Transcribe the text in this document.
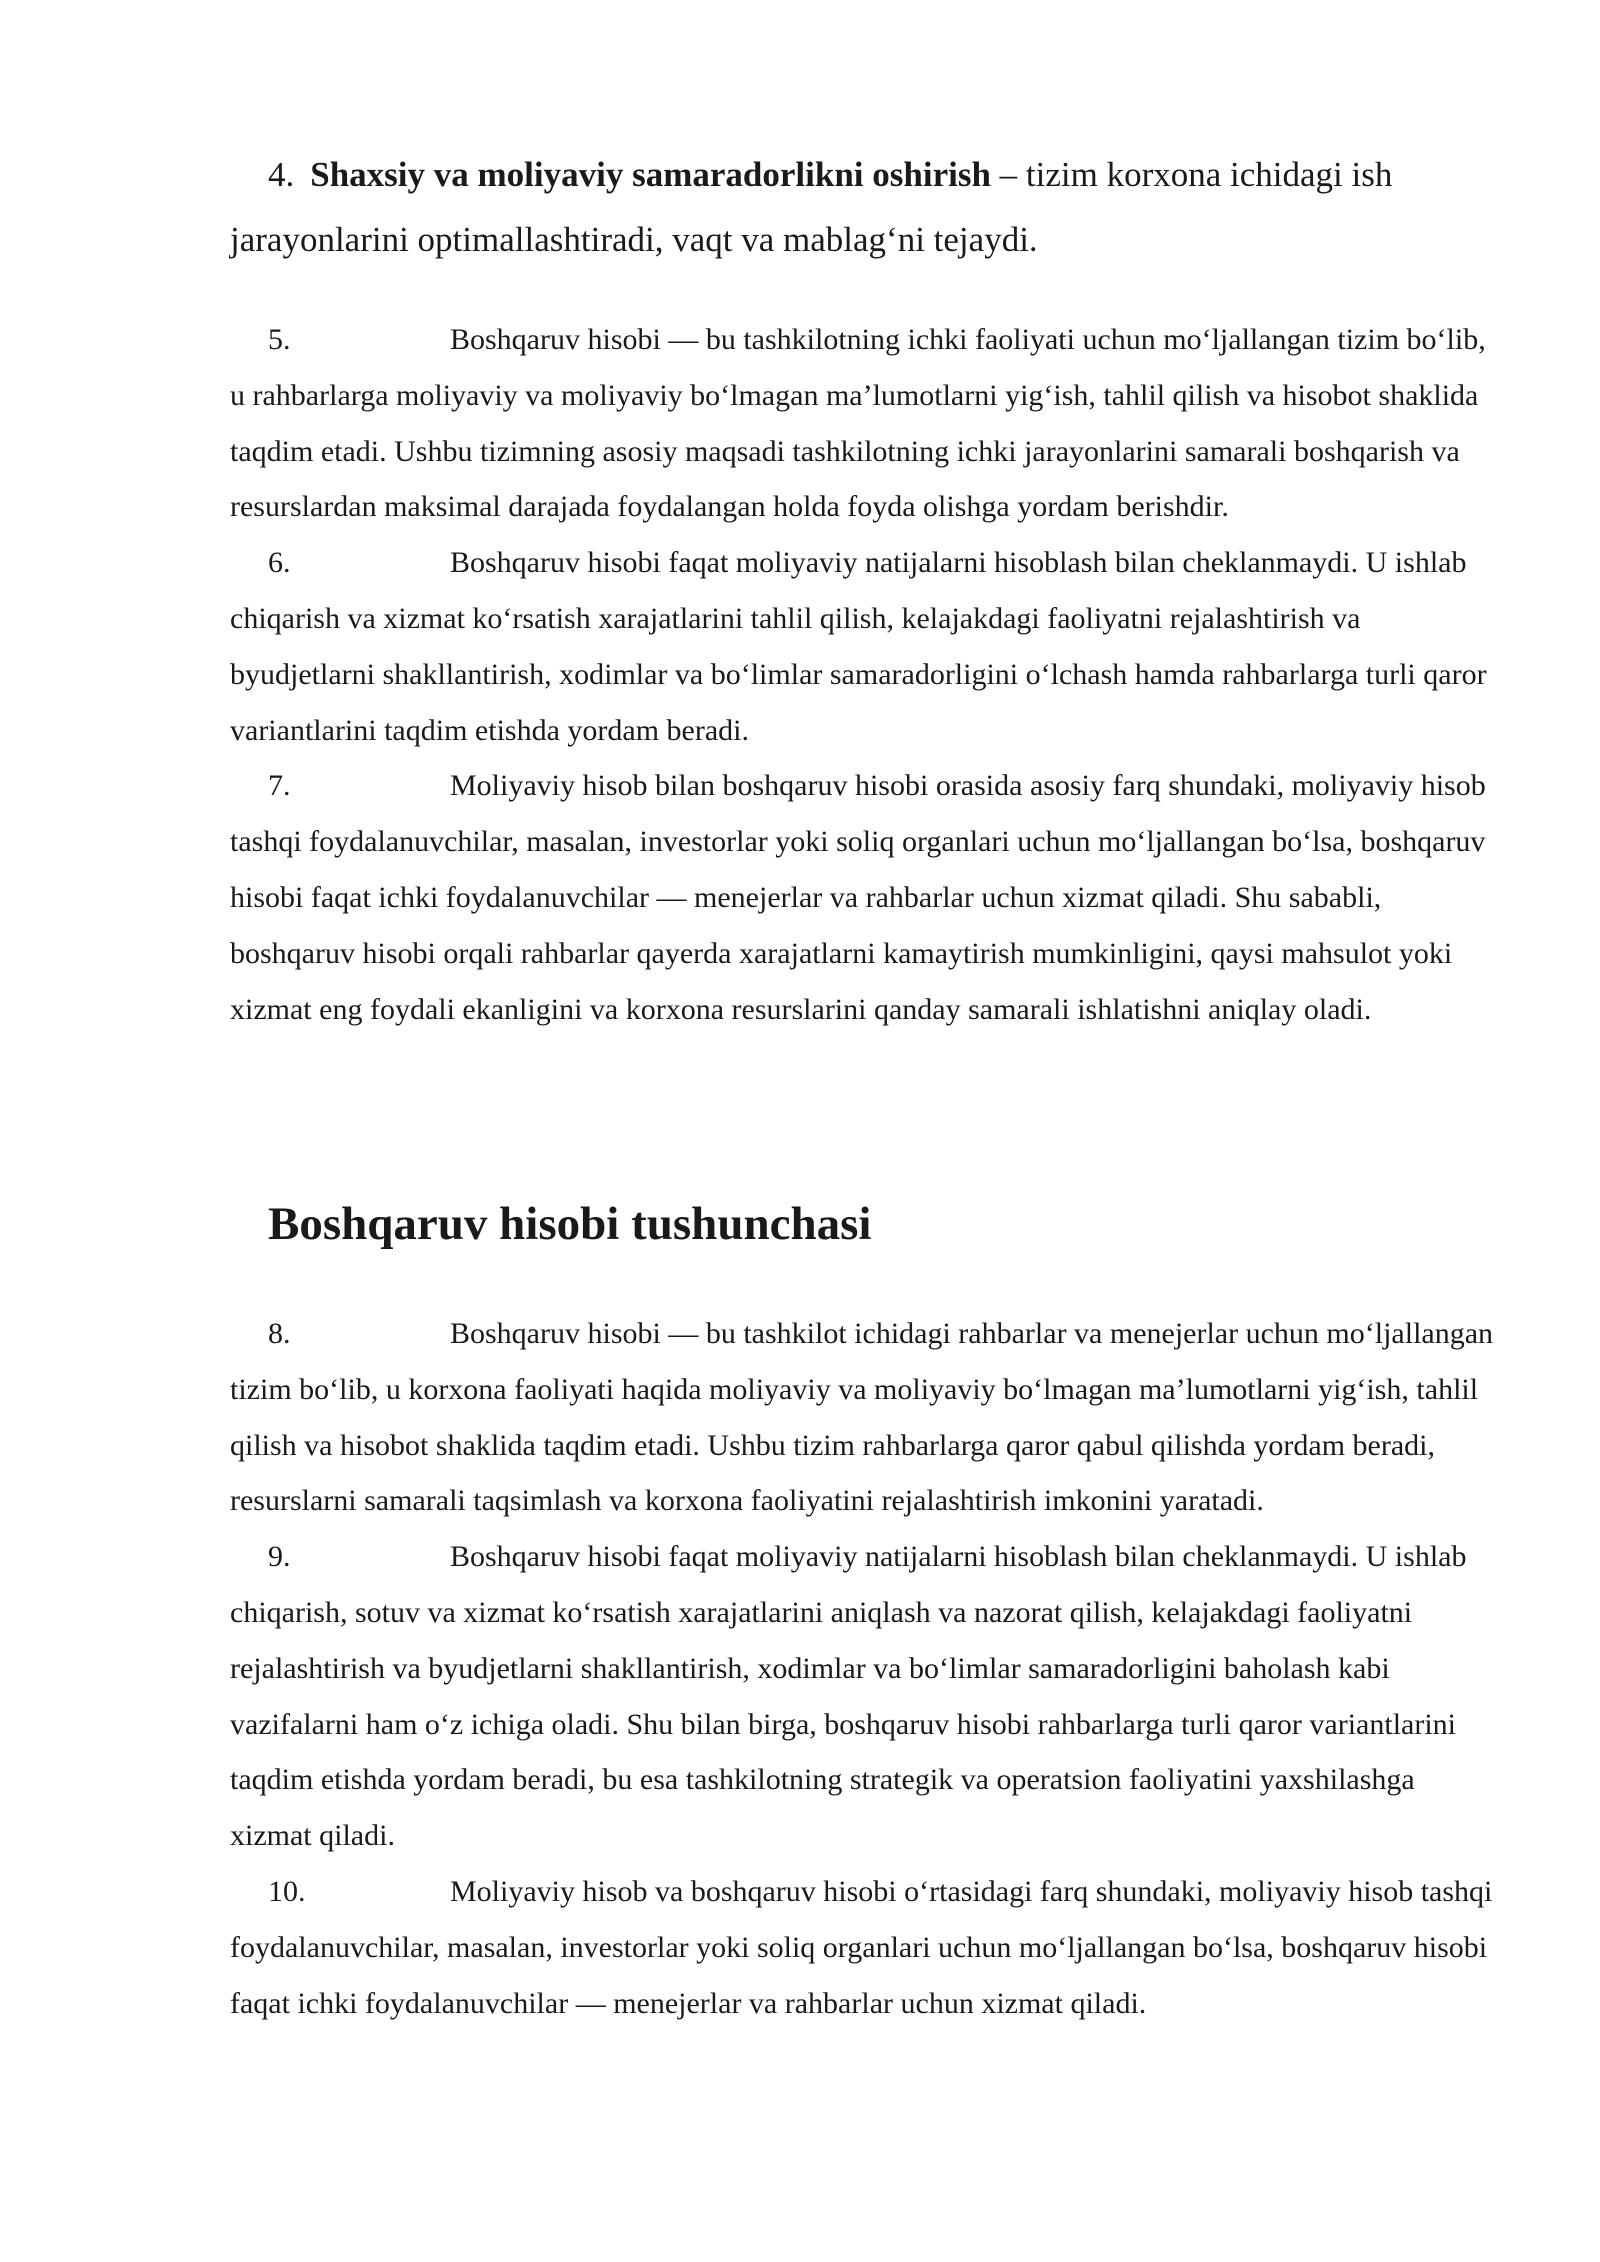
4. Shaxsiy va moliyaviy samaradorlikni oshirish – tizim korxona ichidagi ish jarayonlarini optimallashtiradi, vaqt va mablag‘ni tejaydi.

5.	Boshqaruv hisobi — bu tashkilotning ichki faoliyati uchun mo‘ljallangan tizim bo‘lib, u rahbarlarga moliyaviy va moliyaviy bo‘lmagan ma’lumotlarni yig‘ish, tahlil qilish va hisobot shaklida taqdim etadi. Ushbu tizimning asosiy maqsadi tashkilotning ichki jarayonlarini samarali boshqarish va resurslardan maksimal darajada foydalangan holda foyda olishga yordam berishdir.

6.	Boshqaruv hisobi faqat moliyaviy natijalarni hisoblash bilan cheklanmaydi. U ishlab chiqarish va xizmat ko‘rsatish xarajatlarini tahlil qilish, kelajakdagi faoliyatni rejalashtirish va byudjetlarni shakllantirish, xodimlar va bo‘limlar samaradorligini o‘lchash hamda rahbarlarga turli qaror variantlarini taqdim etishda yordam beradi.

7.	Moliyaviy hisob bilan boshqaruv hisobi orasida asosiy farq shundaki, moliyaviy hisob tashqi foydalanuvchilar, masalan, investorlar yoki soliq organlari uchun mo‘ljallangan bo‘lsa, boshqaruv hisobi faqat ichki foydalanuvchilar — menejerlar va rahbarlar uchun xizmat qiladi. Shu sababli, boshqaruv hisobi orqali rahbarlar qayerda xarajatlarni kamaytirish mumkinligini, qaysi mahsulot yoki xizmat eng foydali ekanligini va korxona resurslarini qanday samarali ishlatishni aniqlay oladi.

Boshqaruv hisobi tushunchasi

8.	Boshqaruv hisobi — bu tashkilot ichidagi rahbarlar va menejerlar uchun mo‘ljallangan tizim bo‘lib, u korxona faoliyati haqida moliyaviy va moliyaviy bo‘lmagan ma’lumotlarni yig‘ish, tahlil qilish va hisobot shaklida taqdim etadi. Ushbu tizim rahbarlarga qaror qabul qilishda yordam beradi, resurslarni samarali taqsimlash va korxona faoliyatini rejalashtirish imkonini yaratadi.

9.	Boshqaruv hisobi faqat moliyaviy natijalarni hisoblash bilan cheklanmaydi. U ishlab chiqarish, sotuv va xizmat ko‘rsatish xarajatlarini aniqlash va nazorat qilish, kelajakdagi faoliyatni rejalashtirish va byudjetlarni shakllantirish, xodimlar va bo‘limlar samaradorligini baholash kabi vazifalarni ham o‘z ichiga oladi. Shu bilan birga, boshqaruv hisobi rahbarlarga turli qaror variantlarini taqdim etishda yordam beradi, bu esa tashkilotning strategik va operatsion faoliyatini yaxshilashga xizmat qiladi.

10.	Moliyaviy hisob va boshqaruv hisobi o‘rtasidagi farq shundaki, moliyaviy hisob tashqi foydalanuvchilar, masalan, investorlar yoki soliq organlari uchun mo‘ljallangan bo‘lsa, boshqaruv hisobi faqat ichki foydalanuvchilar — menejerlar va rahbarlar uchun xizmat qiladi.
